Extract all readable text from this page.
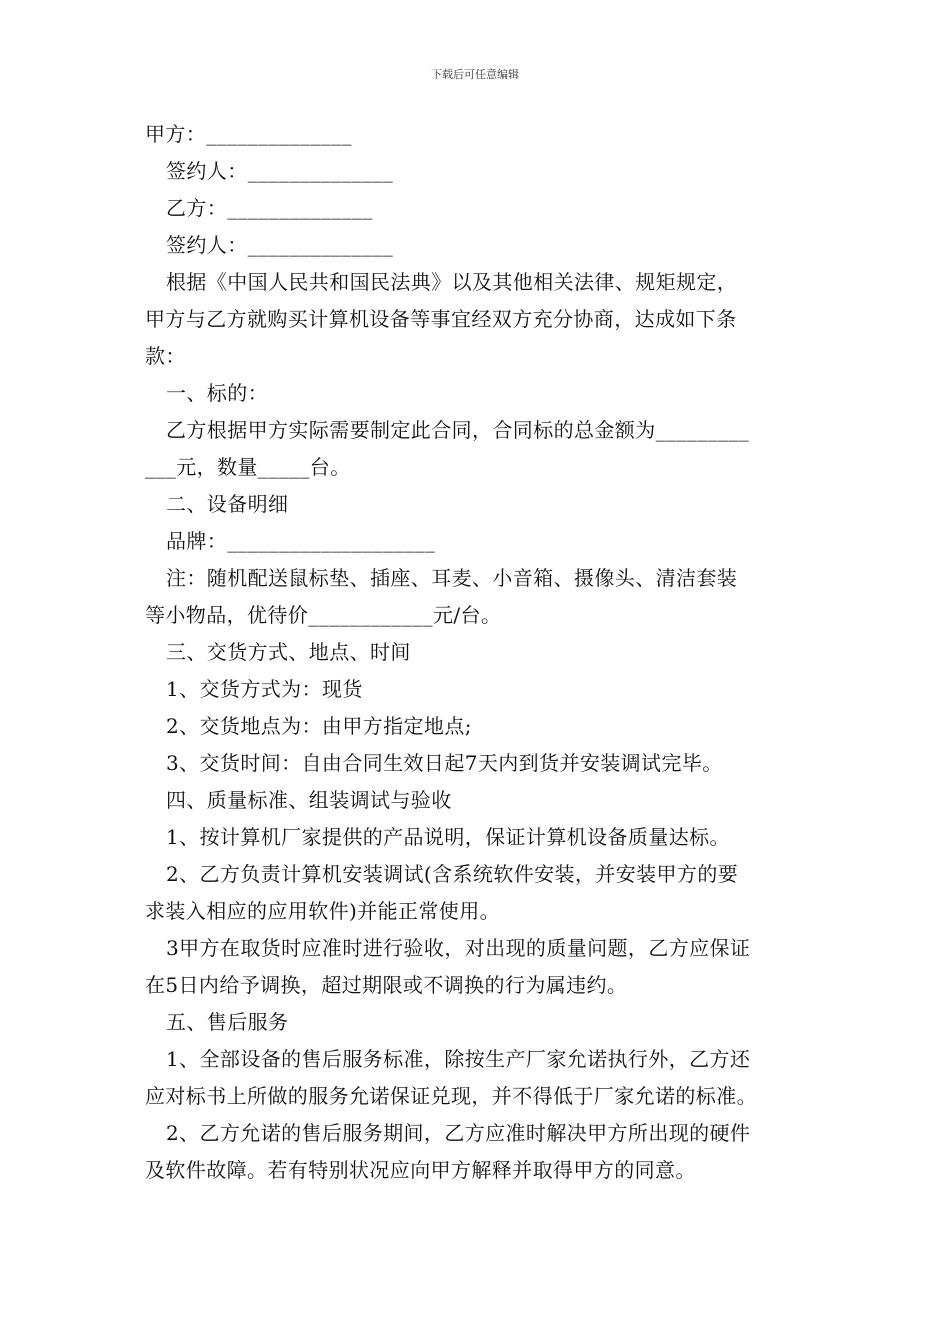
下载后可任意编辑
甲方：______________
签约人：______________
乙方：______________
签约人：______________
根据《中国人民共和国民法典》以及其他相关法律、规矩规定，
甲方与乙方就购买计算机设备等事宜经双方充分协商，达成如下条
款：
一、标的：
乙方根据甲方实际需要制定此合同，合同标的总金额为_________
___元，数量_____台。
二、设备明细
品牌：____________________
注：随机配送鼠标垫、插座、耳麦、小音箱、摄像头、清洁套装
等小物品，优待价____________元/台。
三、交货方式、地点、时间
1、交货方式为：现货
2、交货地点为：由甲方指定地点;
3、交货时间：自由合同生效日起7天内到货并安装调试完毕。
四、质量标准、组装调试与验收
1、按计算机厂家提供的产品说明，保证计算机设备质量达标。
2、乙方负责计算机安装调试(含系统软件安装，并安装甲方的要
求装入相应的应用软件)并能正常使用。
3甲方在取货时应准时进行验收，对出现的质量问题，乙方应保证
在5日内给予调换，超过期限或不调换的行为属违约。
五、售后服务
1、全部设备的售后服务标准，除按生产厂家允诺执行外，乙方还
应对标书上所做的服务允诺保证兑现，并不得低于厂家允诺的标准。
2、乙方允诺的售后服务期间，乙方应准时解决甲方所出现的硬件
及软件故障。若有特别状况应向甲方解释并取得甲方的同意。
